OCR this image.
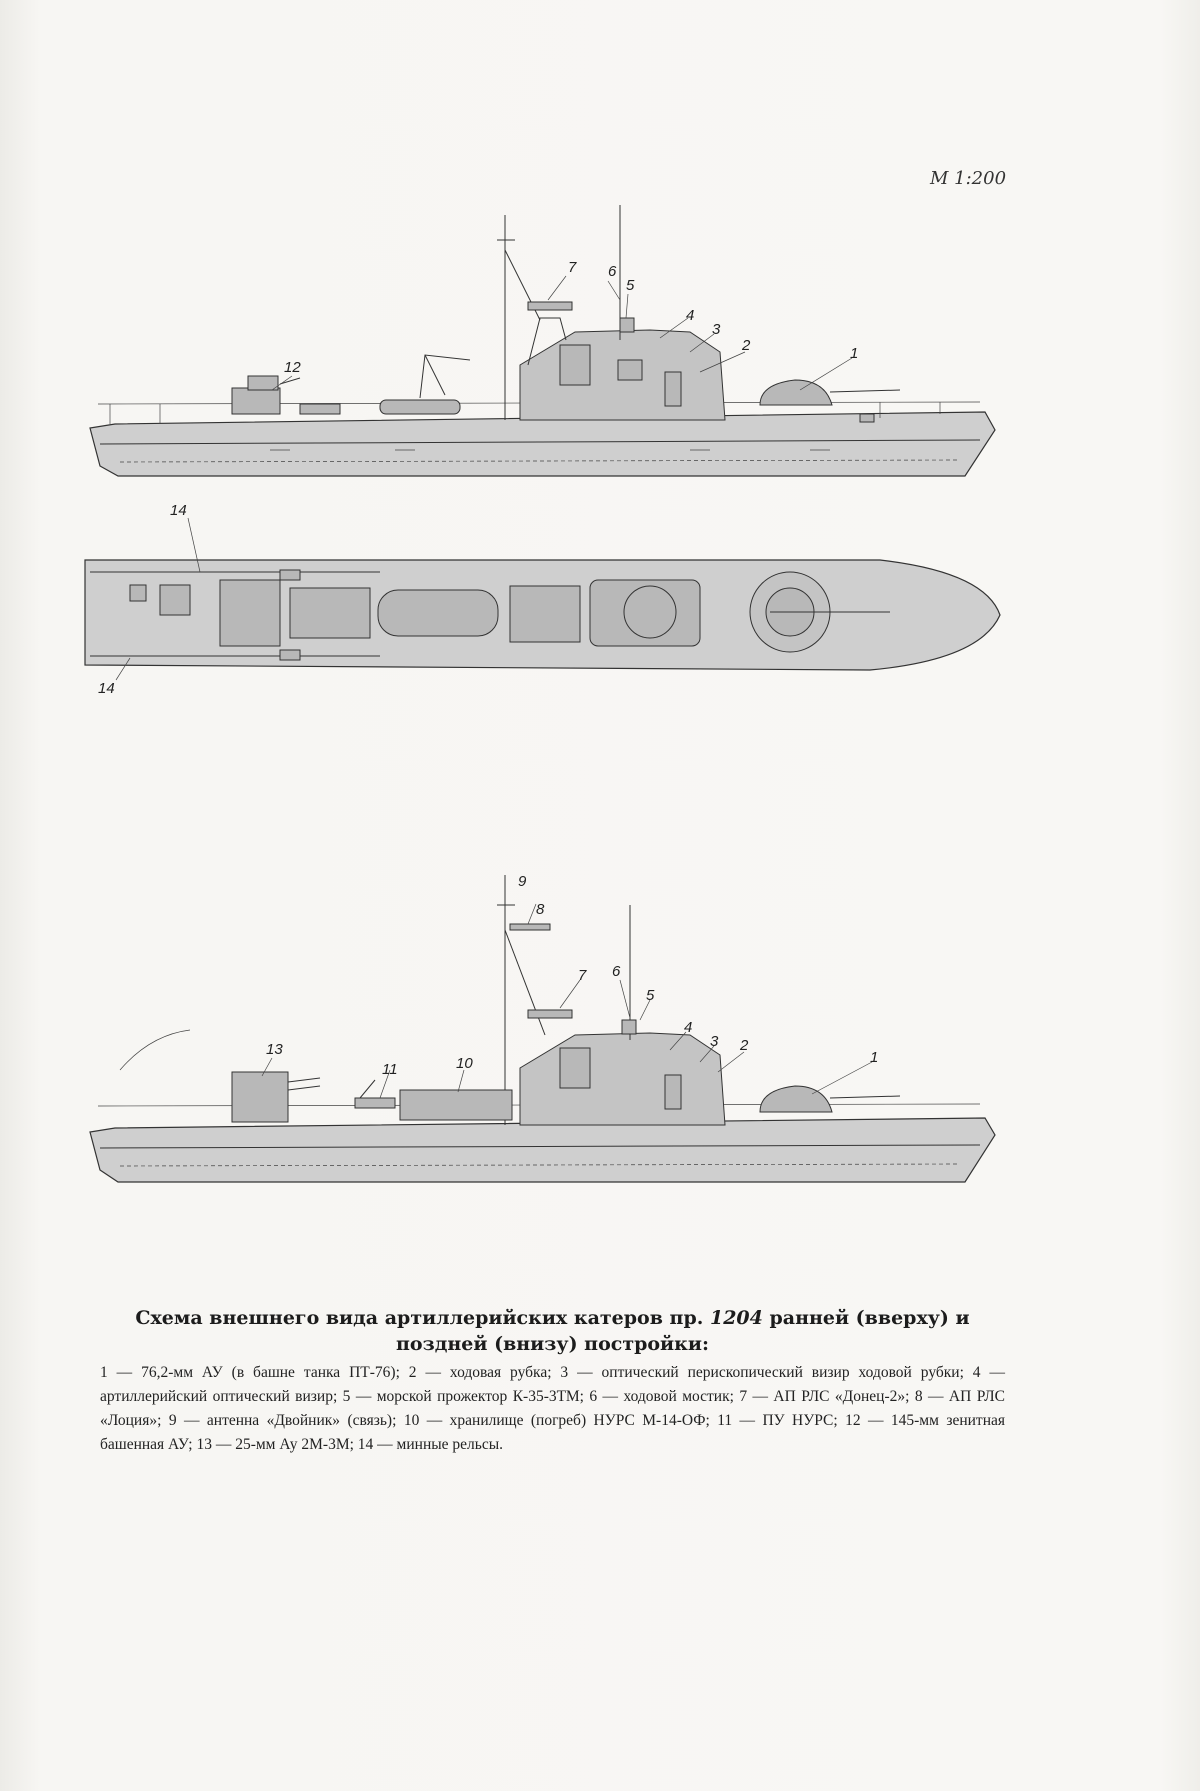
М 1:200
7 6
5
4
3
2	1
12
14
14
9
8
7 6
5
4
3 2
1
13
11	10
Схема внешнего вида артиллерийских катеров пр. 1204 ранней (вверху) и поздней (внизу) постройки:
1 — 76,2-мм АУ (в башне танка ПТ-76); 2 — ходовая рубка; 3 — оптический перископический визир ходовой рубки; 4 — артиллерийский оптический визир; 5 — морской прожектор К-35-3ТМ; 6 — ходовой мостик; 7 — АП РЛС «Донец-2»; 8 — АП РЛС «Лоция»; 9 — антенна «Двойник» (связь); 10 — хранилище (погреб) НУРС М-14-ОФ; 11 — ПУ НУРС; 12 — 145-мм зенитная башенная АУ; 13 — 25-мм Ау 2М-3М; 14 — минные рельсы.
